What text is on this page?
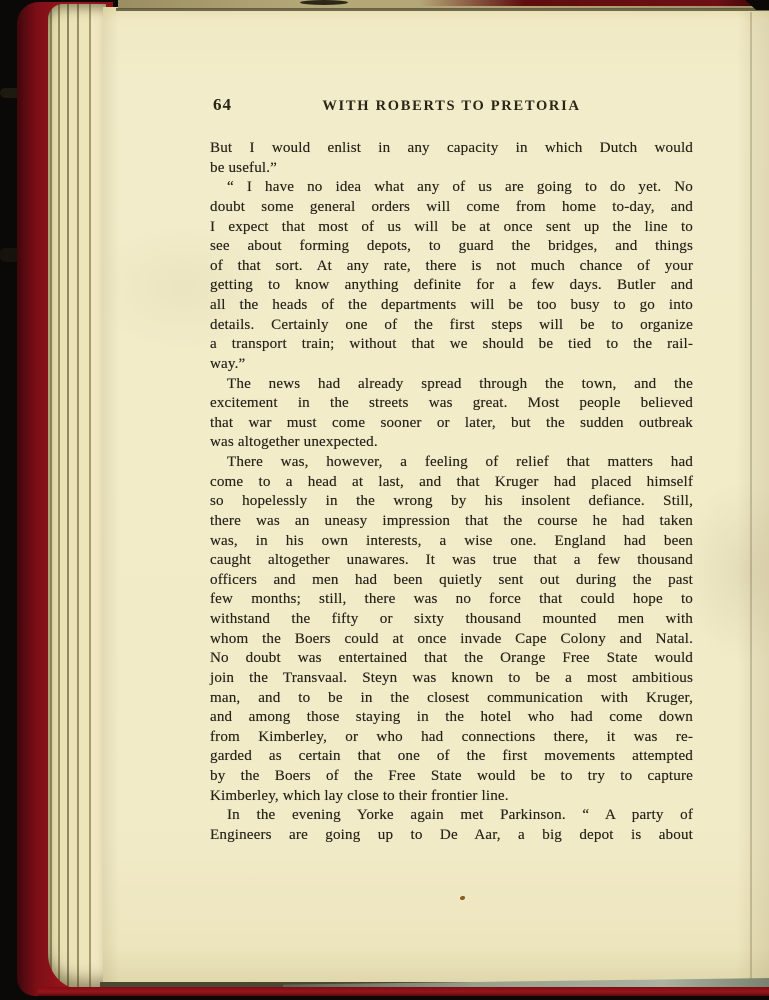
64	WITH ROBERTS TO PRETORIA
But I would enlist in any capacity in which Dutch would
be useful.”
“ I have no idea what any of us are going to do yet. No
doubt some general orders will come from home to-day, and
I expect that most of us will be at once sent up the line to
see about forming depots, to guard the bridges, and things
of that sort. At any rate, there is not much chance of your
getting to know anything definite for a few days. Butler and
all the heads of the departments will be too busy to go into
details. Certainly one of the first steps will be to organize
a transport train; without that we should be tied to the rail-
way.”
The news had already spread through the town, and the
excitement in the streets was great. Most people believed
that war must come sooner or later, but the sudden outbreak
was altogether unexpected.
There was, however, a feeling of relief that matters had
come to a head at last, and that Kruger had placed himself
so hopelessly in the wrong by his insolent defiance. Still,
there was an uneasy impression that the course he had taken
was, in his own interests, a wise one. England had been
caught altogether unawares. It was true that a few thousand
officers and men had been quietly sent out during the past
few months; still, there was no force that could hope to
withstand the fifty or sixty thousand mounted men with
whom the Boers could at once invade Cape Colony and Natal.
No doubt was entertained that the Orange Free State would
join the Transvaal. Steyn was known to be a most ambitious
man, and to be in the closest communication with Kruger,
and among those staying in the hotel who had come down
from Kimberley, or who had connections there, it was re-
garded as certain that one of the first movements attempted
by the Boers of the Free State would be to try to capture
Kimberley, which lay close to their frontier line.
In the evening Yorke again met Parkinson. “ A party of
Engineers are going up to De Aar, a big depot is about
